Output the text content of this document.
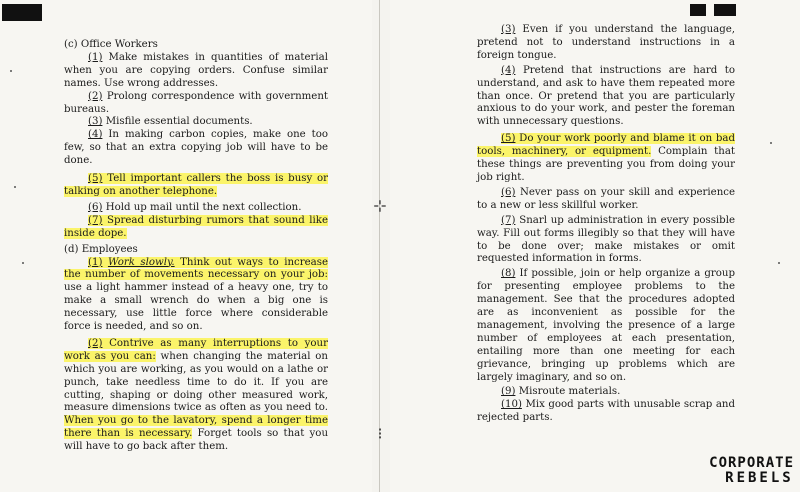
⊹
⁝

(c) Office Workers

(1) Make mistakes in quantities of material when you are copying orders. Confuse similar names. Use wrong addresses.

(2) Prolong correspondence with government bureaus.

(3) Misfile essential documents.

(4) In making carbon copies, make one too few, so that an extra copying job will have to be done.

(5) Tell important callers the boss is busy or talking on another telephone.

(6) Hold up mail until the next collection.

(7) Spread disturbing rumors that sound like inside dope.

(d) Employees

(1) Work slowly. Think out ways to increase the number of movements necessary on your job: use a light hammer instead of a heavy one, try to make a small wrench do when a big one is necessary, use little force where considerable force is needed, and so on.

(2) Contrive as many interruptions to your work as you can: when changing the material on which you are working, as you would on a lathe or punch, take needless time to do it. If you are cutting, shaping or doing other measured work, measure dimensions twice as often as you need to. When you go to the lavatory, spend a longer time there than is necessary. Forget tools so that you will have to go back after them.

(3) Even if you understand the language, pretend not to understand instructions in a foreign tongue.

(4) Pretend that instructions are hard to understand, and ask to have them repeated more than once. Or pretend that you are particularly anxious to do your work, and pester the foreman with unnecessary questions.

(5) Do your work poorly and blame it on bad tools, machinery, or equipment. Complain that these things are preventing you from doing your job right.

(6) Never pass on your skill and experience to a new or less skillful worker.

(7) Snarl up administration in every possible way. Fill out forms illegibly so that they will have to be done over; make mistakes or omit requested information in forms.

(8) If possible, join or help organize a group for presenting employee problems to the management. See that the procedures adopted are as inconvenient as possible for the management, involving the presence of a large number of employees at each presentation, entailing more than one meeting for each grievance, bringing up problems which are largely imaginary, and so on.

(9) Misroute materials.

(10) Mix good parts with unusable scrap and rejected parts.

CORPORATE
REBELS
